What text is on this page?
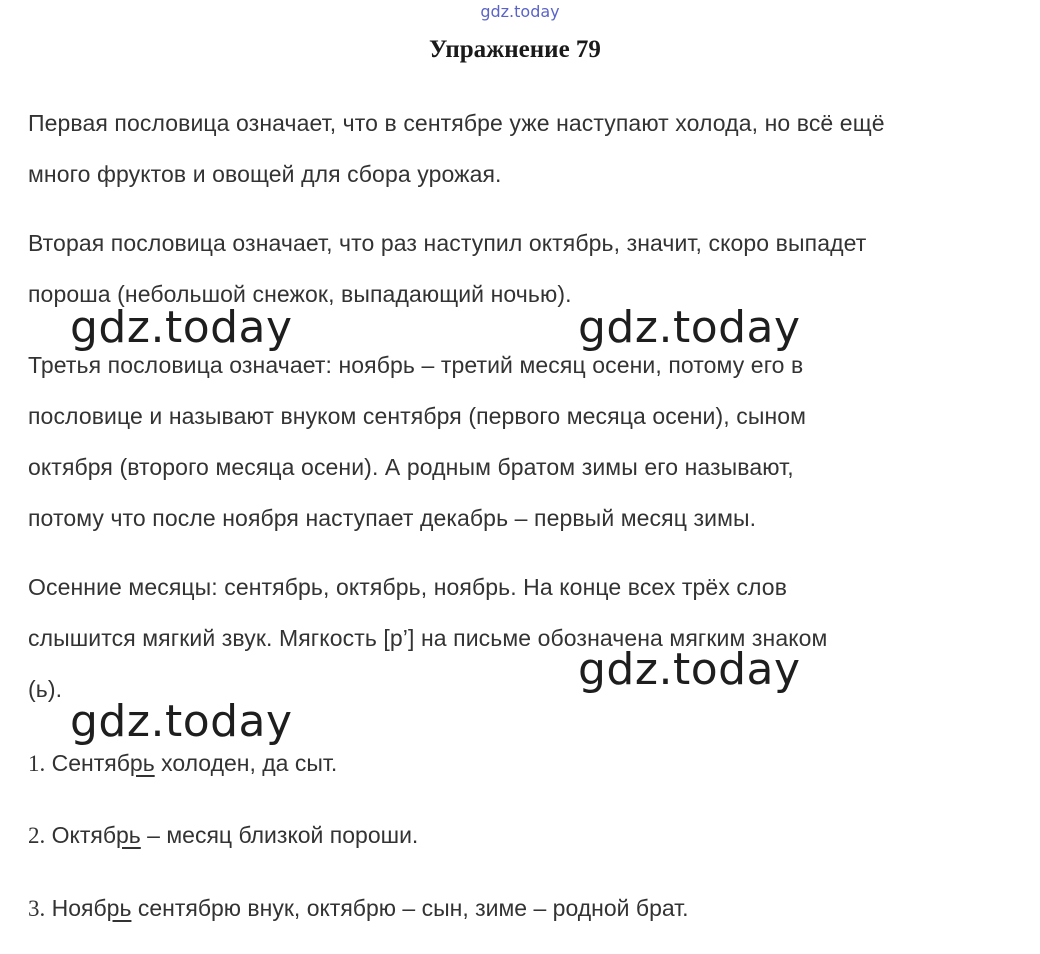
gdz.today
Упражнение 79
Первая пословица означает, что в сентябре уже наступают холода, но всё ещё
много фруктов и овощей для сбора урожая.
Вторая пословица означает, что раз наступил октябрь, значит, скоро выпадет
пороша (небольшой снежок, выпадающий ночью).
Третья пословица означает: ноябрь – третий месяц осени, потому его в
пословице и называют внуком сентября (первого месяца осени), сыном
октября (второго месяца осени). А родным братом зимы его называют,
потому что после ноября наступает декабрь – первый месяц зимы.
Осенние месяцы: сентябрь, октябрь, ноябрь. На конце всех трёх слов
слышится мягкий звук. Мягкость [р’] на письме обозначена мягким знаком
(ь).
1. Сентябрь холоден, да сыт.
2. Октябрь – месяц близкой пороши.
3. Ноябрь сентябрю внук, октябрю – сын, зиме – родной брат.
gdz.today	gdz.today
gdz.today
gdz.today
